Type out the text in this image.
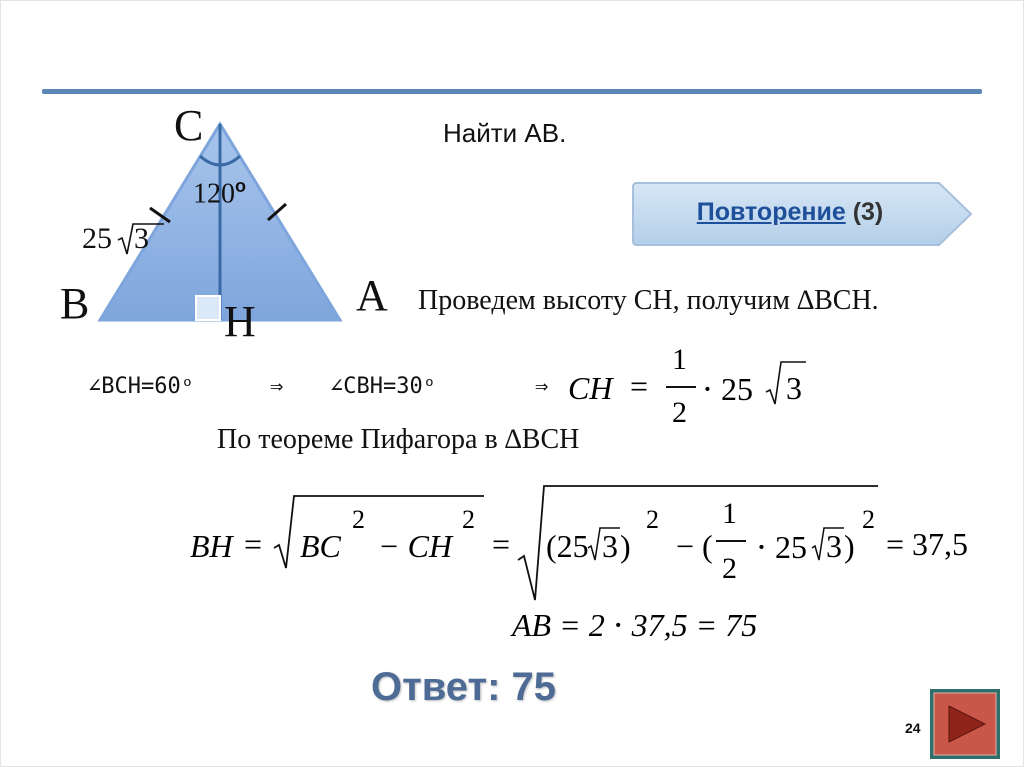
C
B	A
H
120$^o$
25 3
Найти AB.
Повторение (3)
Проведем высоту CH, получим ∆BCH.
∠BCH=60ᵒ	⇒ ∠CBH=30ᵒ	⇒ CH =
1
2
⋅ 25 3
По теореме Пифагора в ∆BCH
BH = BC
2
− CH
2
= (25 3 )
2
− (
1
2
⋅ 25 3 )
2
= 37,5
AB = 2 ⋅ 37,5 = 75
Ответ: 75
24
